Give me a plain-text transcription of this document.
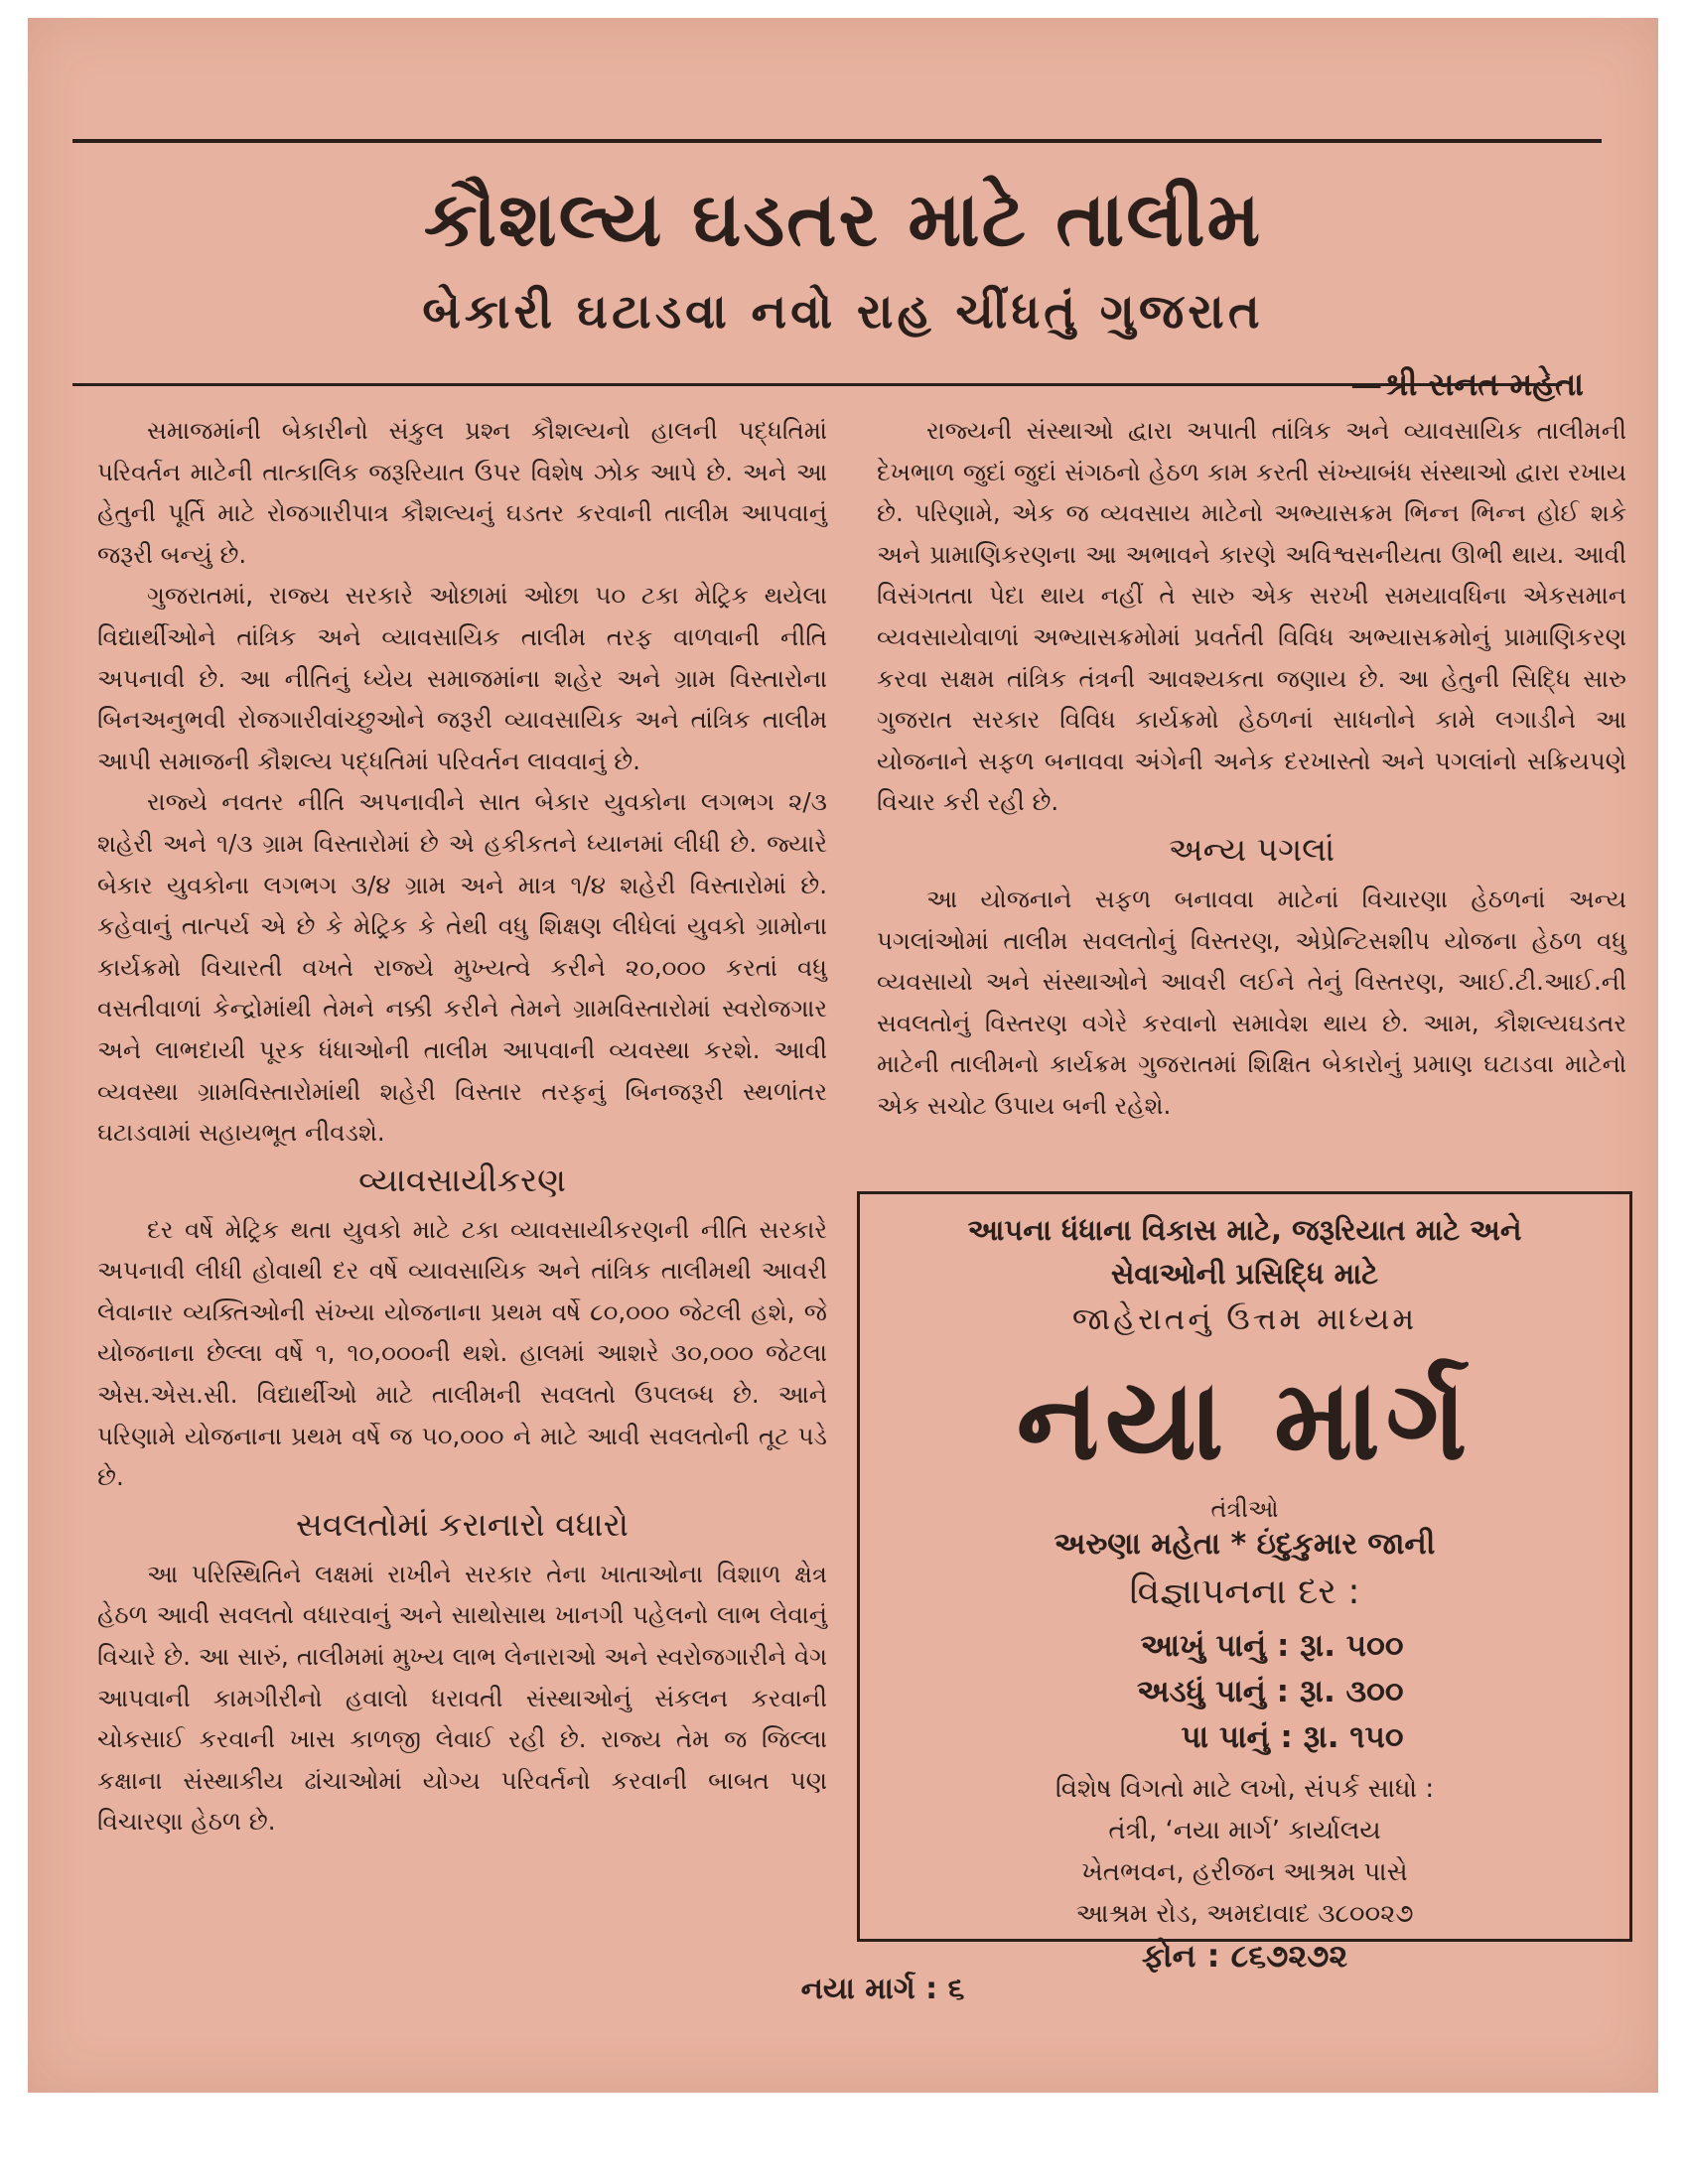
કૌશલ્ય ઘડતર માટે તાલીમ
બેકારી ઘટાડવા નવો રાહ ચીંધતું ગુજરાત
—શ્રી સનત મહેતા

સમાજમાંની બેકારીનો સંકુલ પ્રશ્ન કૌશલ્યનો હાલની પદ્ધતિમાં પરિવર્તન માટેની તાત્કાલિક જરૂરિયાત ઉપર વિશેષ ઝોક આપે છે. અને આ હેતુની પૂર્તિ માટે રોજગારીપાત્ર કૌશલ્યનું ઘડતર કરવાની તાલીમ આપવાનું જરૂરી બન્યું છે.

ગુજરાતમાં, રાજ્ય સરકારે ઓછામાં ઓછા ૫૦ ટકા મેટ્રિક થયેલા વિદ્યાર્થીઓને તાંત્રિક અને વ્યાવસાયિક તાલીમ તરફ વાળવાની નીતિ અપનાવી છે. આ નીતિનું ધ્યેય સમાજમાંના શહેર અને ગ્રામ વિસ્તારોના બિનઅનુભવી રોજગારીવાંચ્છુઓને જરૂરી વ્યાવસાયિક અને તાંત્રિક તાલીમ આપી સમાજની કૌશલ્ય પદ્ધતિમાં પરિવર્તન લાવવાનું છે.

રાજ્યે નવતર નીતિ અપનાવીને સાત બેકાર યુવકોના લગભગ ૨/૩ શહેરી અને ૧/૩ ગ્રામ વિસ્તારોમાં છે એ હકીકતને ધ્યાનમાં લીધી છે. જ્યારે બેકાર યુવકોના લગભગ ૩/૪ ગ્રામ અને માત્ર ૧/૪ શહેરી વિસ્તારોમાં છે. કહેવાનું તાત્પર્ય એ છે કે મેટ્રિક કે તેથી વધુ શિક્ષણ લીધેલાં યુવકો ગ્રામોના કાર્યક્રમો વિચારતી વખતે રાજ્યે મુખ્યત્વે કરીને ૨૦,૦૦૦ કરતાં વધુ વસતીવાળાં કેન્દ્રોમાંથી તેમને નક્કી કરીને તેમને ગ્રામવિસ્તારોમાં સ્વરોજગાર અને લાભદાયી પૂરક ધંધાઓની તાલીમ આપવાની વ્યવસ્થા કરશે. આવી વ્યવસ્થા ગ્રામવિસ્તારોમાંથી શહેરી વિસ્તાર તરફનું બિનજરૂરી સ્થળાંતર ઘટાડવામાં સહાયભૂત નીવડશે.

વ્યાવસાયીકરણ

દર વર્ષે મેટ્રિક થતા યુવકો માટે ટકા વ્યાવસાયીકરણની નીતિ સરકારે અપનાવી લીધી હોવાથી દર વર્ષે વ્યાવસાયિક અને તાંત્રિક તાલીમથી આવરી લેવાનાર વ્યક્તિઓની સંખ્યા યોજનાના પ્રથમ વર્ષે ૮૦,૦૦૦ જેટલી હશે, જે યોજનાના છેલ્લા વર્ષે ૧, ૧૦,૦૦૦ની થશે. હાલમાં આશરે ૩૦,૦૦૦ જેટલા એસ.એસ.સી. વિદ્યાર્થીઓ માટે તાલીમની સવલતો ઉપલબ્ધ છે. આને પરિણામે યોજનાના પ્રથમ વર્ષે જ ૫૦,૦૦૦ ને માટે આવી સવલતોની તૂટ પડે છે.

સવલતોમાં કરાનારો વધારો

આ પરિસ્થિતિને લક્ષમાં રાખીને સરકાર તેના ખાતાઓના વિશાળ ક્ષેત્ર હેઠળ આવી સવલતો વધારવાનું અને સાથોસાથ ખાનગી પહેલનો લાભ લેવાનું વિચારે છે. આ સારું, તાલીમમાં મુખ્ય લાભ લેનારાઓ અને સ્વરોજગારીને વેગ આપવાની કામગીરીનો હવાલો ધરાવતી સંસ્થાઓનું સંકલન કરવાની ચોકસાઈ કરવાની ખાસ કાળજી લેવાઈ રહી છે. રાજ્ય તેમ જ જિલ્લા કક્ષાના સંસ્થાકીય ઢાંચાઓમાં યોગ્ય પરિવર્તનો કરવાની બાબત પણ વિચારણા હેઠળ છે.

રાજ્યની સંસ્થાઓ દ્વારા અપાતી તાંત્રિક અને વ્યાવસાયિક તાલીમની દેખભાળ જુદાં જુદાં સંગઠનો હેઠળ કામ કરતી સંખ્યાબંધ સંસ્થાઓ દ્વારા રખાય છે. પરિણામે, એક જ વ્યવસાય માટેનો અભ્યાસક્રમ ભિન્ન ભિન્ન હોઈ શકે અને પ્રામાણિકરણના આ અભાવને કારણે અવિશ્વસનીયતા ઊભી થાય. આવી વિસંગતતા પેદા થાય નહીં તે સારુ એક સરખી સમયાવધિના એકસમાન વ્યવસાયોવાળાં અભ્યાસક્રમોમાં પ્રવર્તતી વિવિધ અભ્યાસક્રમોનું પ્રામાણિકરણ કરવા સક્ષમ તાંત્રિક તંત્રની આવશ્યકતા જણાય છે. આ હેતુની સિદ્ધિ સારુ ગુજરાત સરકાર વિવિધ કાર્યક્રમો હેઠળનાં સાધનોને કામે લગાડીને આ યોજનાને સફળ બનાવવા અંગેની અનેક દરખાસ્તો અને પગલાંનો સક્રિયપણે વિચાર કરી રહી છે.

અન્ય પગલાં

આ યોજનાને સફળ બનાવવા માટેનાં વિચારણા હેઠળનાં અન્ય પગલાંઓમાં તાલીમ સવલતોનું વિસ્તરણ, એપ્રેન્ટિસશીપ યોજના હેઠળ વધુ વ્યવસાયો અને સંસ્થાઓને આવરી લઈને તેનું વિસ્તરણ, આઈ.ટી.આઈ.ની સવલતોનું વિસ્તરણ વગેરે કરવાનો સમાવેશ થાય છે. આમ, કૌશલ્યઘડતર માટેની તાલીમનો કાર્યક્રમ ગુજરાતમાં શિક્ષિત બેકારોનું પ્રમાણ ઘટાડવા માટેનો એક સચોટ ઉપાય બની રહેશે.

આપના ધંધાના વિકાસ માટે, જરૂરિયાત માટે અને
સેવાઓની પ્રસિદ્ધિ માટે
જાહેરાતનું ઉત્તમ માધ્યમ
નયા માર્ગ
તંત્રીઓ
અરુણા મહેતા * ઇંદુકુમાર જાની
વિજ્ઞાપનના દર :
આખું પાનું : રૂા. ૫૦૦
અડધું પાનું : રૂા. ૩૦૦
પા પાનું : રૂા. ૧૫૦
વિશેષ વિગતો માટે લખો, સંપર્ક સાધો :
તંત્રી, ‘નયા માર્ગ’ કાર્યાલય
ખેતભવન, હરીજન આશ્રમ પાસે
આશ્રમ રોડ, અમદાવાદ ૩૮૦૦૨૭
ફોન : ૮૬૭૨૭૨
નયા માર્ગ : ૬
